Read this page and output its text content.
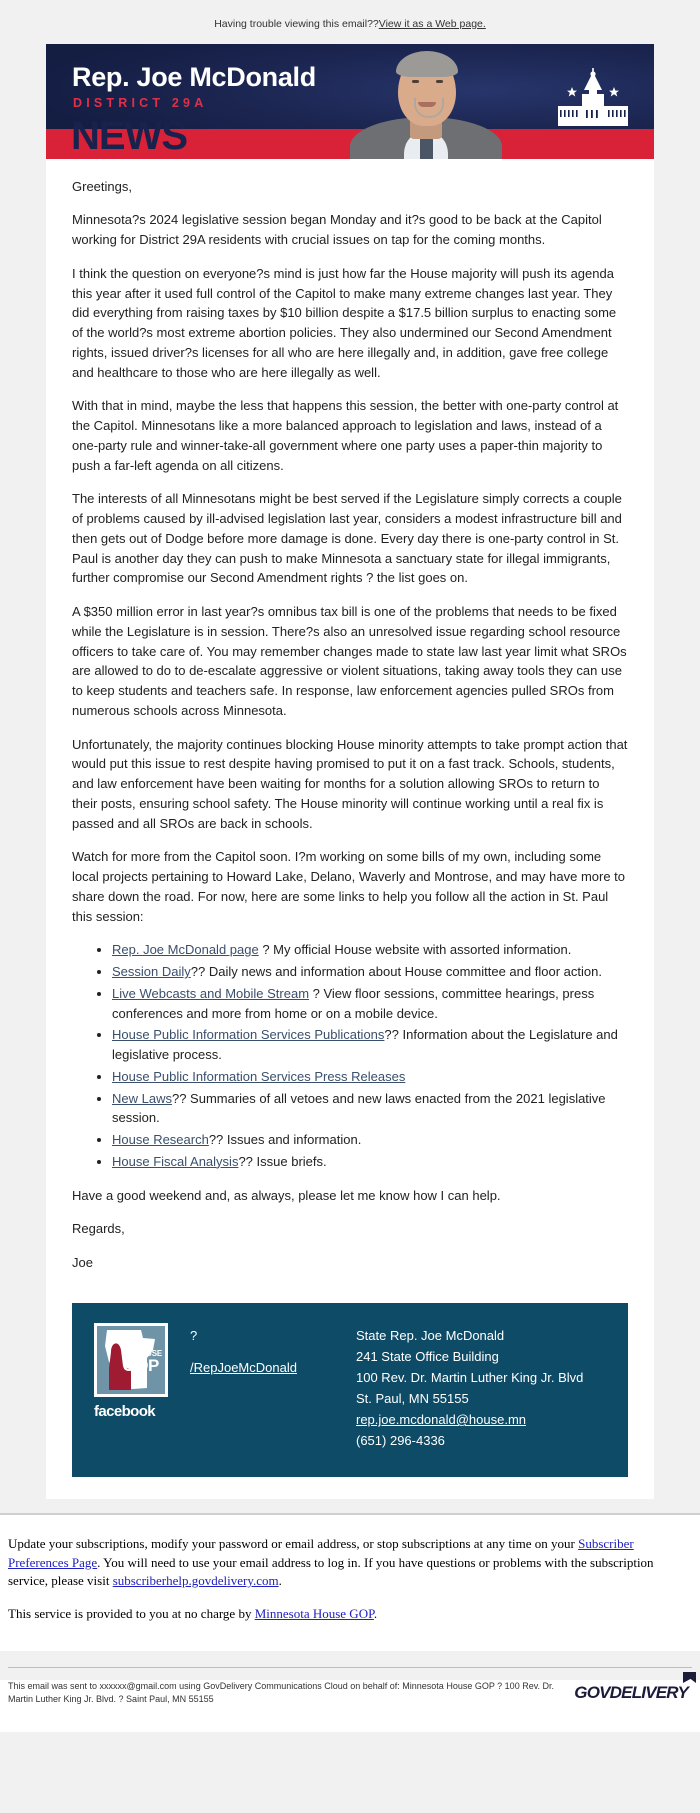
Having trouble viewing this email??View it as a Web page.
Rep. Joe McDonald
DISTRICT 29A
NEWS

Greetings,

Minnesota?s 2024 legislative session began Monday and it?s good to be back at the Capitol working for District 29A residents with crucial issues on tap for the coming months.

I think the question on everyone?s mind is just how far the House majority will push its agenda this year after it used full control of the Capitol to make many extreme changes last year. They did everything from raising taxes by $10 billion despite a $17.5 billion surplus to enacting some of the world?s most extreme abortion policies. They also undermined our Second Amendment rights, issued driver?s licenses for all who are here illegally and, in addition, gave free college and healthcare to those who are here illegally as well.

With that in mind, maybe the less that happens this session, the better with one-party control at the Capitol. Minnesotans like a more balanced approach to legislation and laws, instead of a one-party rule and winner-take-all government where one party uses a paper-thin majority to push a far-left agenda on all citizens.

The interests of all Minnesotans might be best served if the Legislature simply corrects a couple of problems caused by ill-advised legislation last year, considers a modest infrastructure bill and then gets out of Dodge before more damage is done. Every day there is one-party control in St. Paul is another day they can push to make Minnesota a sanctuary state for illegal immigrants, further compromise our Second Amendment rights ? the list goes on.

A $350 million error in last year?s omnibus tax bill is one of the problems that needs to be fixed while the Legislature is in session. There?s also an unresolved issue regarding school resource officers to take care of. You may remember changes made to state law last year limit what SROs are allowed to do to de-escalate aggressive or violent situations, taking away tools they can use to keep students and teachers safe. In response, law enforcement agencies pulled SROs from numerous schools across Minnesota.

Unfortunately, the majority continues blocking House minority attempts to take prompt action that would put this issue to rest despite having promised to put it on a fast track. Schools, students, and law enforcement have been waiting for months for a solution allowing SROs to return to their posts, ensuring school safety. The House minority will continue working until a real fix is passed and all SROs are back in schools.

Watch for more from the Capitol soon. I?m working on some bills of my own, including some local projects pertaining to Howard Lake, Delano, Waverly and Montrose, and may have more to share down the road. For now, here are some links to help you follow all the action in St. Paul this session:

• Rep. Joe McDonald page ? My official House website with assorted information.
• Session Daily?? Daily news and information about House committee and floor action.
• Live Webcasts and Mobile Stream ? View floor sessions, committee hearings, press conferences and more from home or on a mobile device.
• House Public Information Services Publications?? Information about the Legislature and legislative process.
• House Public Information Services Press Releases
• New Laws?? Summaries of all vetoes and new laws enacted from the 2021 legislative session.
• House Research?? Issues and information.
• House Fiscal Analysis?? Issue briefs.

Have a good weekend and, as always, please let me know how I can help.

Regards,

Joe

MNHOUSE
GOP
facebook
?
/RepJoeMcDonald
State Rep. Joe McDonald
241 State Office Building
100 Rev. Dr. Martin Luther King Jr. Blvd
St. Paul, MN 55155
rep.joe.mcdonald@house.mn
(651) 296-4336

Update your subscriptions, modify your password or email address, or stop subscriptions at any time on your Subscriber Preferences Page. You will need to use your email address to log in. If you have questions or problems with the subscription service, please visit subscriberhelp.govdelivery.com.

This service is provided to you at no charge by Minnesota House GOP.

This email was sent to xxxxxx@gmail.com using GovDelivery Communications Cloud on behalf of: Minnesota House GOP ? 100 Rev. Dr. Martin Luther King Jr. Blvd. ? Saint Paul, MN 55155	GOVDELIVERY
